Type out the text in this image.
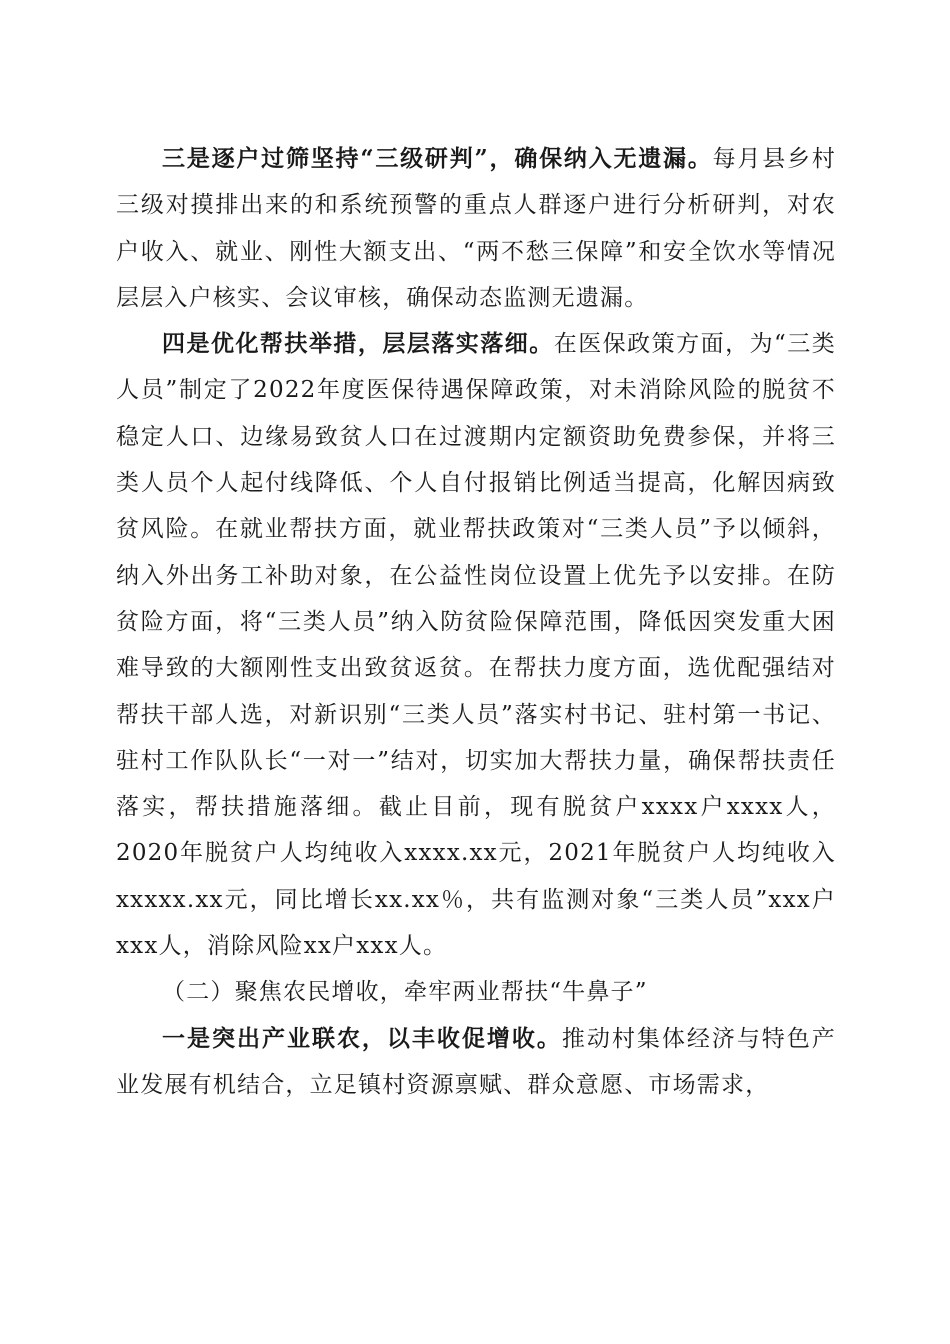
三是逐户过筛坚持“三级研判”，确保纳入无遗漏。每月县乡村三级对摸排出来的和系统预警的重点人群逐户进行分析研判，对农户收入、就业、刚性大额支出、“两不愁三保障”和安全饮水等情况层层入户核实、会议审核，确保动态监测无遗漏。

四是优化帮扶举措，层层落实落细。在医保政策方面，为“三类人员”制定了2022年度医保待遇保障政策，对未消除风险的脱贫不稳定人口、边缘易致贫人口在过渡期内定额资助免费参保，并将三类人员个人起付线降低、个人自付报销比例适当提高，化解因病致贫风险。在就业帮扶方面，就业帮扶政策对“三类人员”予以倾斜，纳入外出务工补助对象，在公益性岗位设置上优先予以安排。在防贫险方面，将“三类人员”纳入防贫险保障范围，降低因突发重大困难导致的大额刚性支出致贫返贫。在帮扶力度方面，选优配强结对帮扶干部人选，对新识别“三类人员”落实村书记、驻村第一书记、驻村工作队队长“一对一”结对，切实加大帮扶力量，确保帮扶责任落实，帮扶措施落细。截止目前，现有脱贫户xxxx户xxxx人，2020年脱贫户人均纯收入xxxx.xx元，2021年脱贫户人均纯收入xxxxx.xx元，同比增长xx.xx％，共有监测对象“三类人员”xxx户xxx人，消除风险xx户xxx人。

（二）聚焦农民增收，牵牢两业帮扶“牛鼻子”

一是突出产业联农，以丰收促增收。推动村集体经济与特色产业发展有机结合，立足镇村资源禀赋、群众意愿、市场需求，
